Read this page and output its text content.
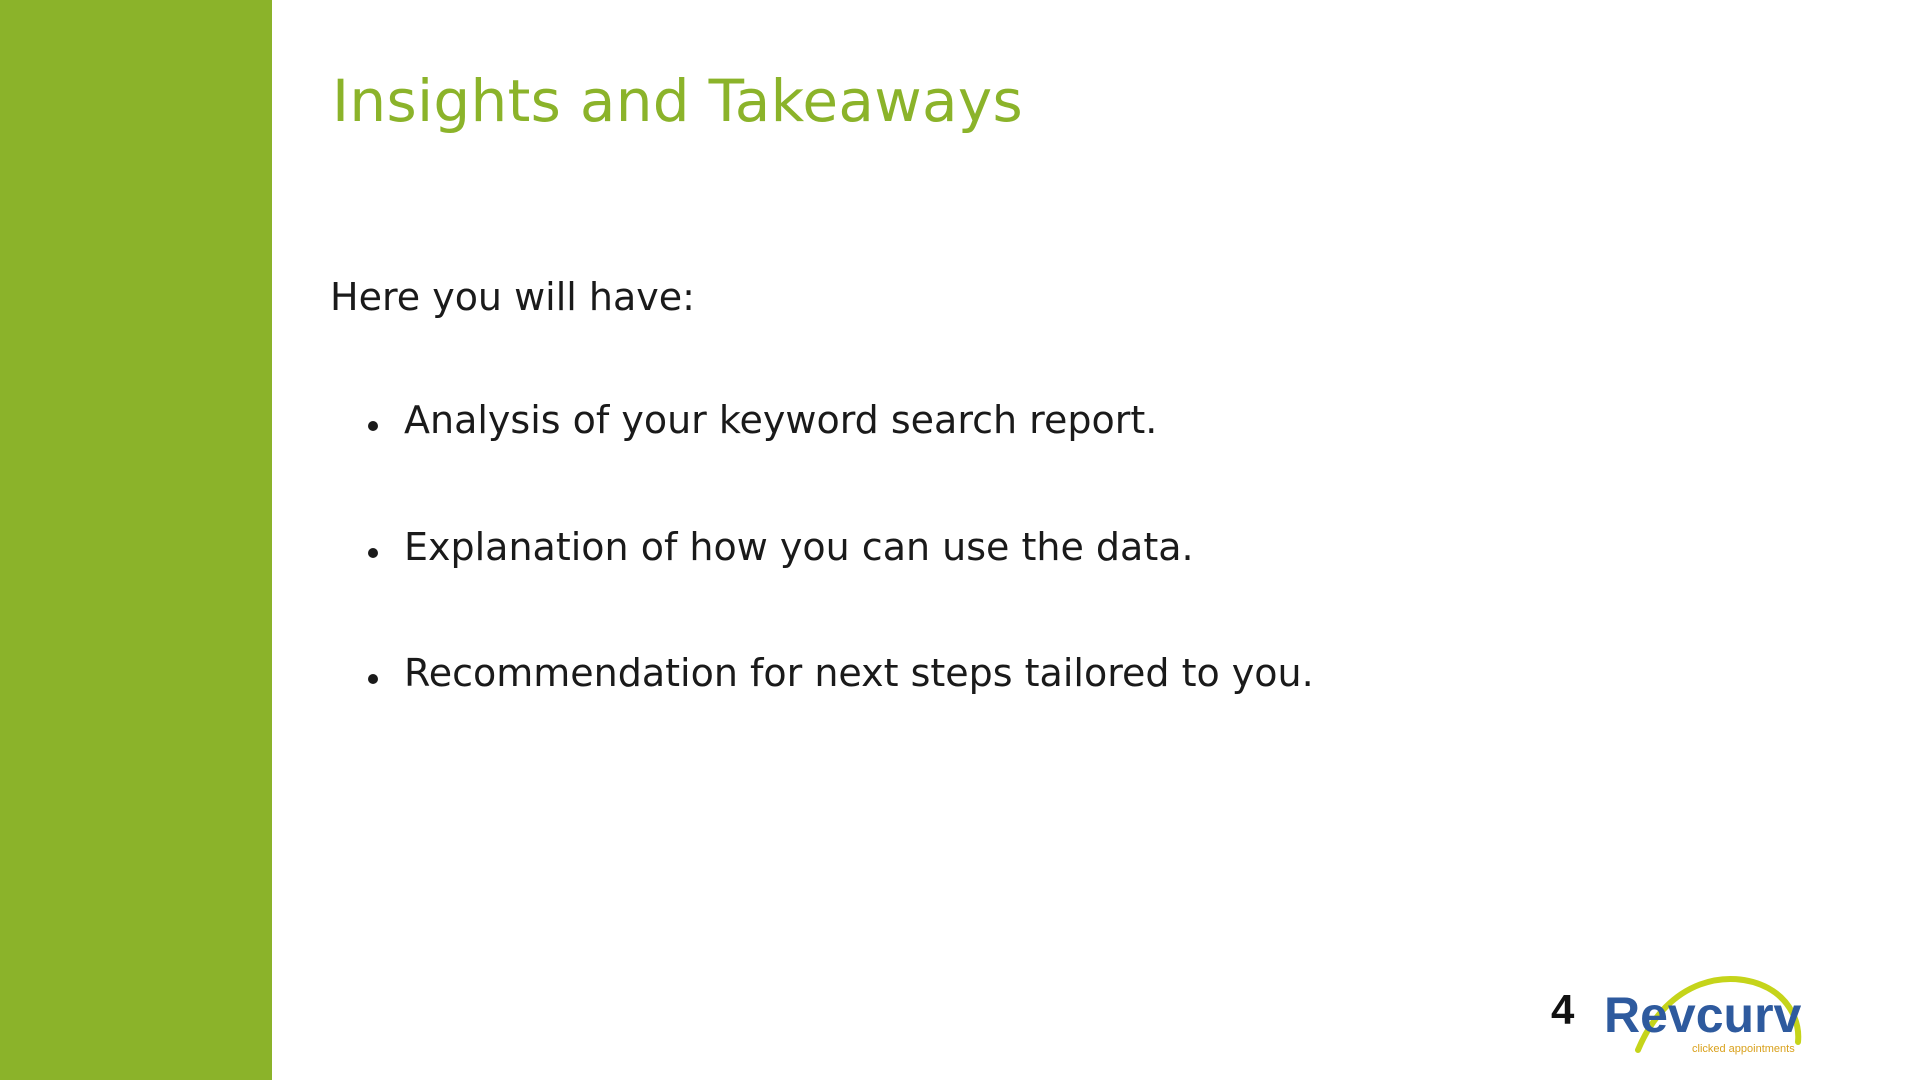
Insights and Takeaways

Here you will have:

Analysis of your keyword search report.
Explanation of how you can use the data.
Recommendation for next steps tailored to you.
4 Revcurv
clicked appointments
